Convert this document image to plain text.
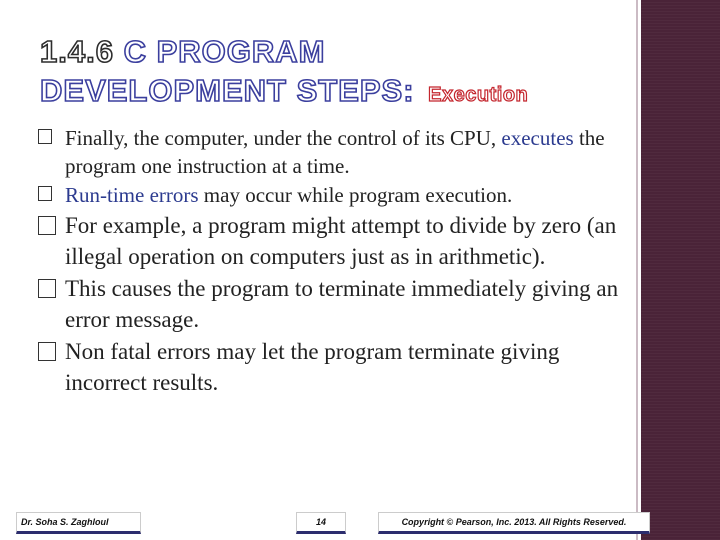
1.4.6 C PROGRAM
DEVELOPMENT STEPS: Execution
Finally, the computer, under the control of its CPU, executes the program one instruction at a time.
Run-time errors may occur while program execution.
For example, a program might attempt to divide by zero (an illegal operation on computers just as in arithmetic).
This causes the program to terminate immediately giving an error message.
Non fatal errors may let the program terminate giving incorrect results.
Dr. Soha S. Zaghloul	14	Copyright © Pearson, Inc. 2013. All Rights Reserved.
